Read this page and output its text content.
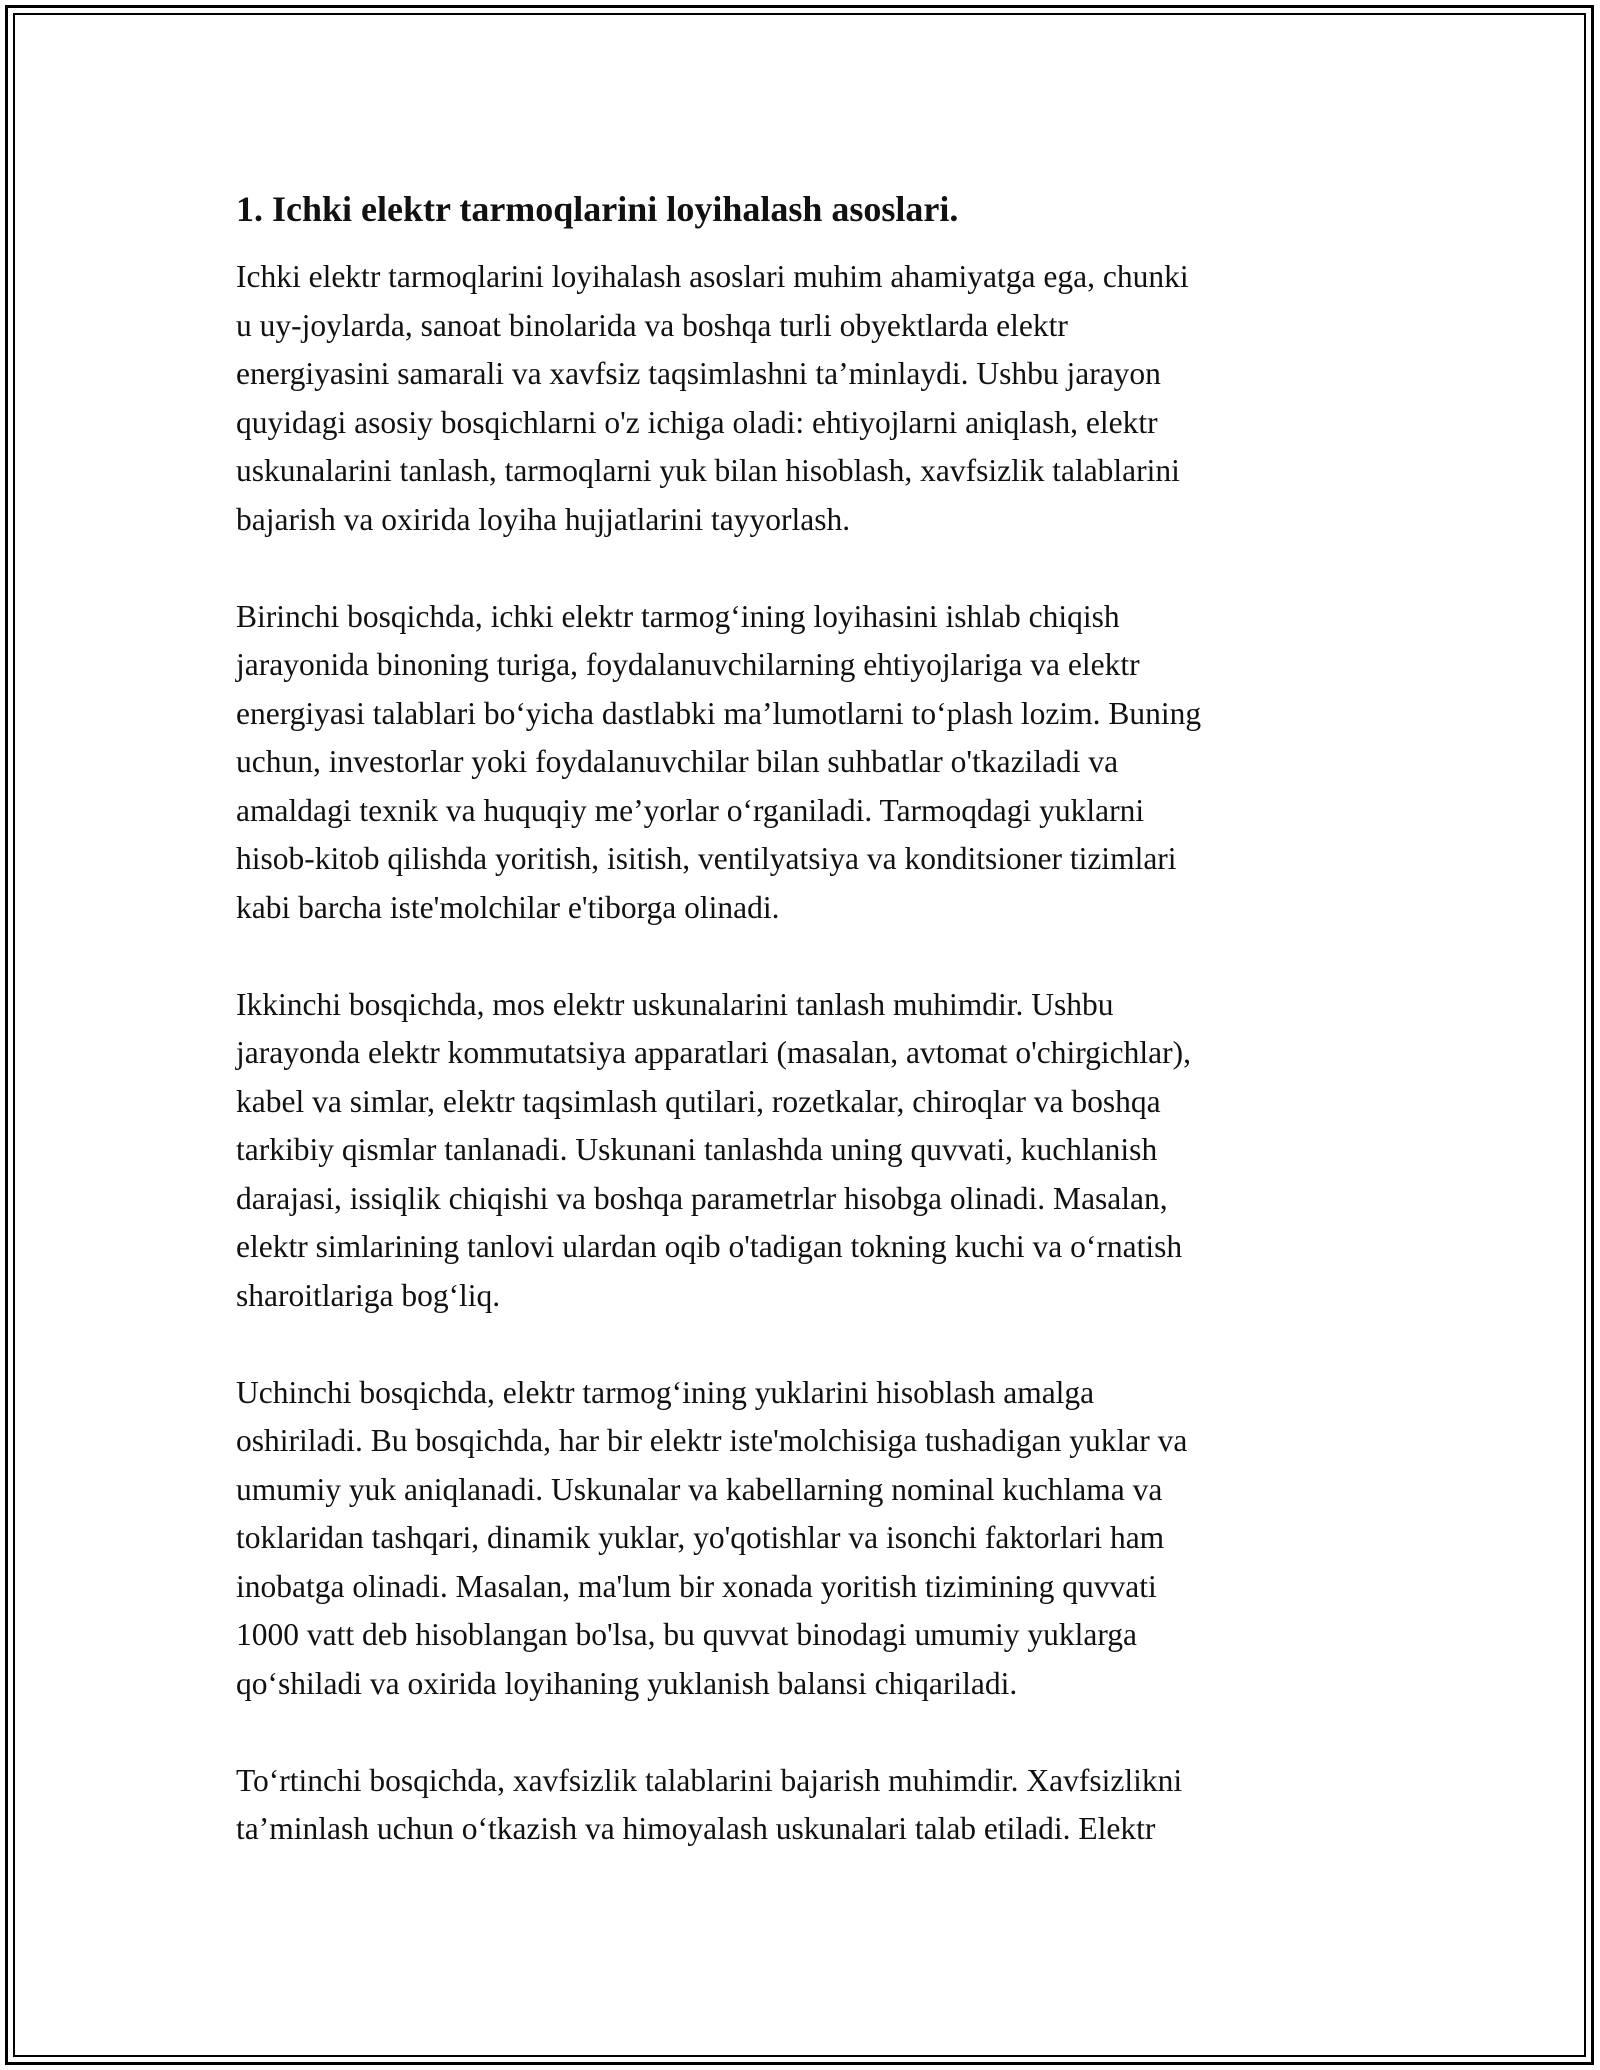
1. Ichki elektr tarmoqlarini loyihalash asoslari.

Ichki elektr tarmoqlarini loyihalash asoslari muhim ahamiyatga ega, chunki
u uy-joylarda, sanoat binolarida va boshqa turli obyektlarda elektr
energiyasini samarali va xavfsiz taqsimlashni ta’minlaydi. Ushbu jarayon
quyidagi asosiy bosqichlarni o'z ichiga oladi: ehtiyojlarni aniqlash, elektr
uskunalarini tanlash, tarmoqlarni yuk bilan hisoblash, xavfsizlik talablarini
bajarish va oxirida loyiha hujjatlarini tayyorlash.

Birinchi bosqichda, ichki elektr tarmog‘ining loyihasini ishlab chiqish
jarayonida binoning turiga, foydalanuvchilarning ehtiyojlariga va elektr
energiyasi talablari bo‘yicha dastlabki ma’lumotlarni to‘plash lozim. Buning
uchun, investorlar yoki foydalanuvchilar bilan suhbatlar o'tkaziladi va
amaldagi texnik va huquqiy me’yorlar o‘rganiladi. Tarmoqdagi yuklarni
hisob-kitob qilishda yoritish, isitish, ventilyatsiya va konditsioner tizimlari
kabi barcha iste'molchilar e'tiborga olinadi.

Ikkinchi bosqichda, mos elektr uskunalarini tanlash muhimdir. Ushbu
jarayonda elektr kommutatsiya apparatlari (masalan, avtomat o'chirgichlar),
kabel va simlar, elektr taqsimlash qutilari, rozetkalar, chiroqlar va boshqa
tarkibiy qismlar tanlanadi. Uskunani tanlashda uning quvvati, kuchlanish
darajasi, issiqlik chiqishi va boshqa parametrlar hisobga olinadi. Masalan,
elektr simlarining tanlovi ulardan oqib o'tadigan tokning kuchi va o‘rnatish
sharoitlariga bog‘liq.

Uchinchi bosqichda, elektr tarmog‘ining yuklarini hisoblash amalga
oshiriladi. Bu bosqichda, har bir elektr iste'molchisiga tushadigan yuklar va
umumiy yuk aniqlanadi. Uskunalar va kabellarning nominal kuchlama va
toklaridan tashqari, dinamik yuklar, yo'qotishlar va isonchi faktorlari ham
inobatga olinadi. Masalan, ma'lum bir xonada yoritish tizimining quvvati
1000 vatt deb hisoblangan bo'lsa, bu quvvat binodagi umumiy yuklarga
qo‘shiladi va oxirida loyihaning yuklanish balansi chiqariladi.

To‘rtinchi bosqichda, xavfsizlik talablarini bajarish muhimdir. Xavfsizlikni
ta’minlash uchun o‘tkazish va himoyalash uskunalari talab etiladi. Elektr
